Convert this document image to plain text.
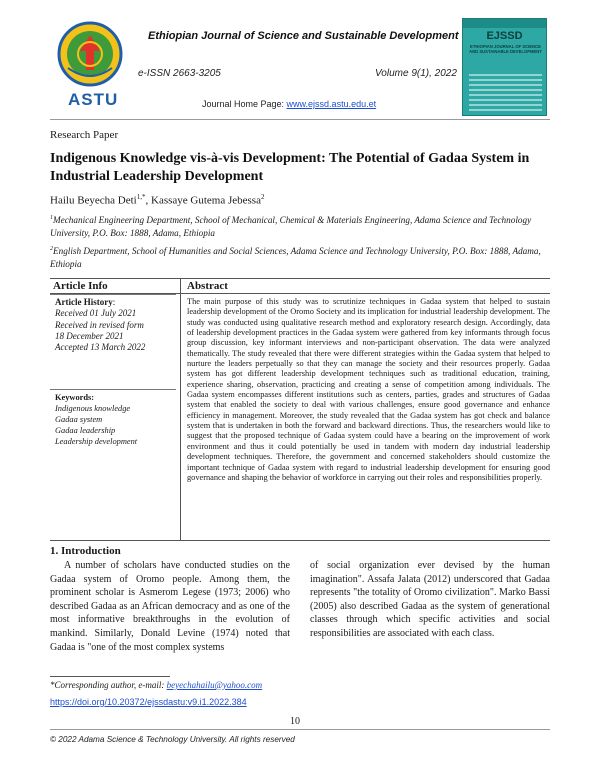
ASTU
Ethiopian Journal of Science and Sustainable Development
e-ISSN 2663-3205	Volume 9(1), 2022
Journal Home Page: www.ejssd.astu.edu.et
EJSSD
ETHIOPIAN JOURNAL OF SCIENCE AND SUSTAINABLE DEVELOPMENT
Research Paper
Indigenous Knowledge vis-à-vis Development: The Potential of Gadaa System in Industrial Leadership Development
Hailu Beyecha Deti$^{1,*}$, Kassaye Gutema Jebessa$^2$
$^1$Mechanical Engineering Department, School of Mechanical, Chemical & Materials Engineering, Adama Science and Technology University, P.O. Box: 1888, Adama, Ethiopia
$^2$English Department, School of Humanities and Social Sciences, Adama Science and Technology University, P.O. Box: 1888, Adama, Ethiopia
Article Info	Abstract
Article History:
Received 01 July 2021
Received in revised form
18 December 2021
Accepted 13 March 2022
Keywords:
Indigenous knowledge
Gadaa system
Gadaa leadership
Leadership development
The main purpose of this study was to scrutinize techniques in Gadaa system that helped to sustain leadership development of the Oromo Society and its implication for industrial leadership development. The study was conducted using qualitative research method and exploratory research design. Accordingly, data of leadership development practices in the Gadaa system were gathered from key informants through focus group discussion, key informant interviews and non-participant observation. The data were analyzed thematically. The study revealed that there were different strategies within the Gadaa system that helped to nurture the leaders perpetually so that they can manage the society and their resources properly. Gadaa system has got different leadership development techniques such as traditional education, training, experience sharing, observation, practicing and creating a sense of competition among individuals. The Gadaa system encompasses different institutions such as centers, parties, grades and structures of Gadaa system that enabled the society to deal with various challenges, ensure good governance and enhance efficiency in management. Moreover, the study revealed that the Gadaa system has got check and balance system that is undertaken in both the forward and backward directions. Thus, the researchers would like to suggest that the proposed technique of Gadaa system could have a bearing on the improvement of work environment and thus it could potentially be used in tandem with modern day industrial leadership development techniques. Therefore, the government and concerned stakeholders should customize the important technique of Gadaa system with regard to industrial leadership development for ensuring good governance and shaping the behavior of workforce in carrying out their roles and responsibilities properly.
1. Introduction
A number of scholars have conducted studies on the Gadaa system of Oromo people. Among them, the prominent scholar is Asmerom Legese (1973; 2006) who described Gadaa as an African democracy and as one of the most informative breakthroughs in the evolution of mankind. Similarly, Donald Levine (1974) noted that Gadaa is "one of the most complex systems
of social organization ever devised by the human imagination". Assafa Jalata (2012) underscored that Gadaa represents "the totality of Oromo civilization". Marko Bassi (2005) also described Gadaa as the system of generational classes through which specific activities and social responsibilities are associated with each class.
*Corresponding author, e-mail: beyechahailu@yahoo.com
https://doi.org/10.20372/ejssdastu:v9.i1.2022.384
10
© 2022 Adama Science & Technology University. All rights reserved
